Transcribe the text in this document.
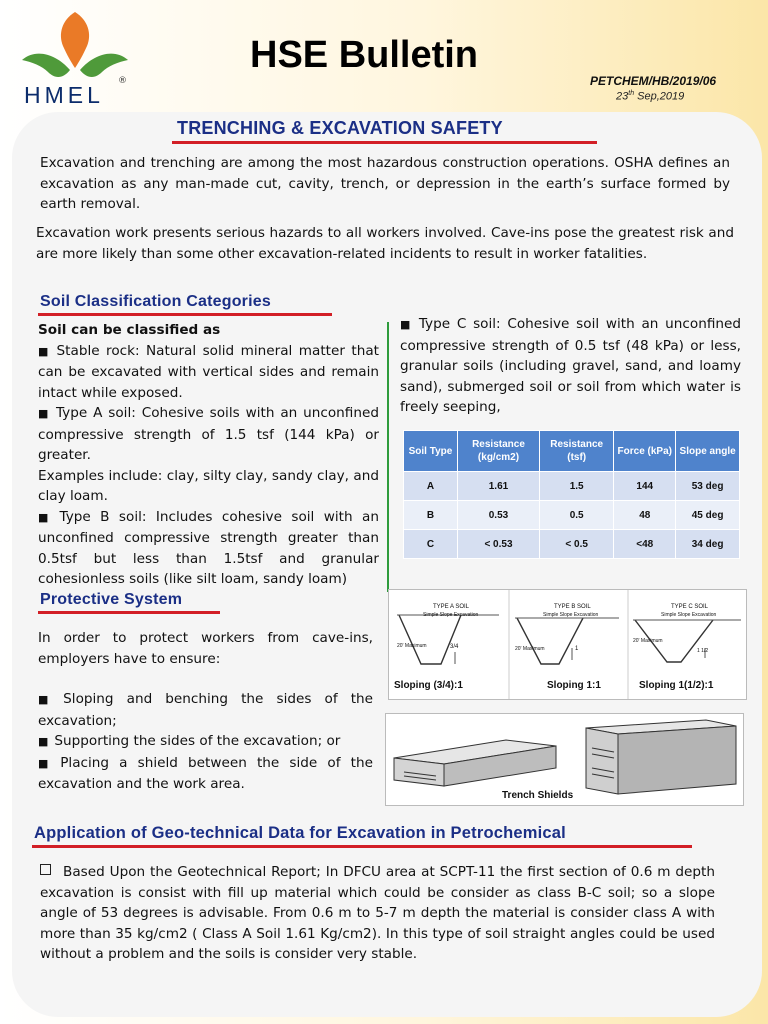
HMEL
®
HSE Bulletin
PETCHEM/HB/2019/06
23th Sep,2019
TRENCHING & EXCAVATION SAFETY

Excavation and trenching are among the most hazardous construction operations. OSHA defines an excavation as any man-made cut, cavity, trench, or depression in the earth’s surface formed by earth removal.

Excavation work presents serious hazards to all workers involved. Cave-ins pose the greatest risk and are more likely than some other excavation-related incidents to result in worker fatalities.

Soil Classification Categories

Soil can be classified as

■ Stable rock: Natural solid mineral matter that can be excavated with vertical sides and remain intact while exposed.

■ Type A soil: Cohesive soils with an unconfined compressive strength of 1.5 tsf (144 kPa) or greater.

Examples include: clay, silty clay, sandy clay, and clay loam.

■ Type B soil: Includes cohesive soil with an unconfined compressive strength greater than 0.5tsf but less than 1.5tsf and granular cohesionless soils (like silt loam, sandy loam)

■ Type C soil: Cohesive soil with an unconfined compressive strength of 0.5 tsf (48 kPa) or less, granular soils (including gravel, sand, and loamy sand), submerged soil or soil from which water is freely seeping,

Soil Type	Resistance (kg/cm2)	Resistance (tsf)	Force (kPa)	Slope angle
A	1.61	1.5	144	53 deg
B	0.53	0.5	48	45 deg
C	< 0.53	< 0.5	<48	34 deg
Protective System

In order to protect workers from cave-ins, employers have to ensure:

■ Sloping and benching the sides of the excavation;

■ Supporting the sides of the excavation; or

■ Placing a shield between the side of the excavation and the work area.

TYPE A SOIL
Simple Slope Excavation
20' Maximum	3/4
Sloping (3/4):1
TYPE B SOIL
Simple Slope Excavation
20' Maximum	1
Sloping 1:1
TYPE C SOIL
Simple Slope Excavation
20' Maximum
1 1/2
Sloping 1(1/2):1
Trench Shields
Application of Geo-technical Data for Excavation in Petrochemical

Based Upon the Geotechnical Report; In DFCU area at SCPT-11 the first section of 0.6 m depth excavation is consist with fill up material which could be consider as class B-C soil; so a slope angle of 53 degrees is advisable. From 0.6 m to 5-7 m depth the material is consider class A with more than 35 kg/cm2 ( Class A Soil 1.61 Kg/cm2). In this type of soil straight angles could be used without a problem and the soils is consider very stable.
